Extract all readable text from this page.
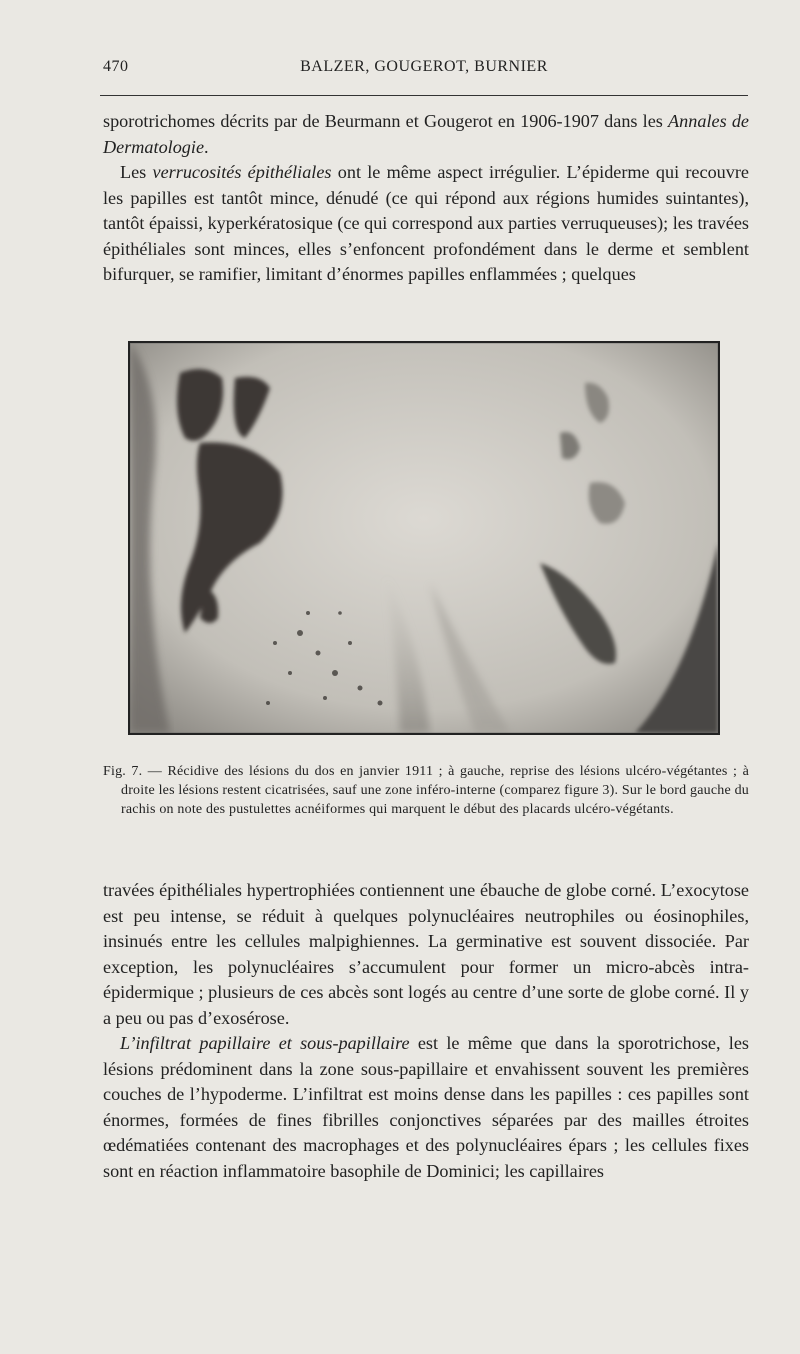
470	BALZER, GOUGEROT, BURNIER

sporotrichomes décrits par de Beurmann et Gougerot en 1906-1907 dans les Annales de Dermatologie.

Les verrucosités épithéliales ont le même aspect irrégulier. L’épiderme qui recouvre les papilles est tantôt mince, dénudé (ce qui répond aux régions humides suintantes), tantôt épaissi, kyperkératosique (ce qui correspond aux parties verruqueuses); les travées épithéliales sont minces, elles s’enfoncent profondément dans le derme et semblent bifurquer, se ramifier, limitant d’énormes papilles enflammées ; quelques

Fig. 7. — Récidive des lésions du dos en janvier 1911 ; à gauche, reprise des lésions ulcéro-végétantes ; à droite les lésions restent cicatrisées, sauf une zone inféro-interne (comparez figure 3). Sur le bord gauche du rachis on note des pustulettes acnéiformes qui marquent le début des placards ulcéro-végétants.

travées épithéliales hypertrophiées contiennent une ébauche de globe corné. L’exocytose est peu intense, se réduit à quelques polynucléaires neutrophiles ou éosinophiles, insinués entre les cellules malpighiennes. La germinative est souvent dissociée. Par exception, les polynucléaires s’accumulent pour former un micro-abcès intra-épidermique ; plusieurs de ces abcès sont logés au centre d’une sorte de globe corné. Il y a peu ou pas d’exosérose.

L’infiltrat papillaire et sous-papillaire est le même que dans la sporotrichose, les lésions prédominent dans la zone sous-papillaire et envahissent souvent les premières couches de l’hypoderme. L’infiltrat est moins dense dans les papilles : ces papilles sont énormes, formées de fines fibrilles conjonctives séparées par des mailles étroites œdématiées contenant des macrophages et des polynucléaires épars ; les cellules fixes sont en réaction inflammatoire basophile de Dominici; les capillaires
